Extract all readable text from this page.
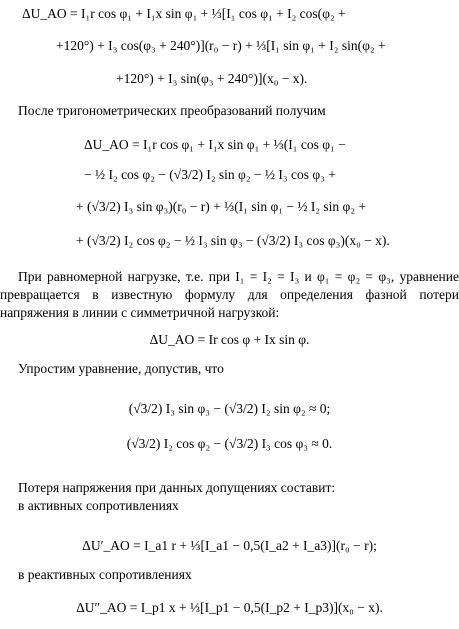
ΔU_AO = I₁r cos φ₁ + I₁x sin φ₁ + ⅓[I₁ cos φ₁ + I₂ cos(φ₂ +
+120°) + I₃ cos(φ₃ + 240°)](r₀ − r) + ⅓[I₁ sin φ₁ + I₂ sin(φ₂ +
+120°) + I₃ sin(φ₃ + 240°)](x₀ − x).
После тригонометрических преобразований получим
ΔU_AO = I₁r cos φ₁ + I₁x sin φ₁ + ⅓(I₁ cos φ₁ −
− ½ I₂ cos φ₂ − (√3/2) I₂ sin φ₂ − ½ I₃ cos φ₃ +
+ (√3/2) I₃ sin φ₃)(r₀ − r) + ⅓(I₁ sin φ₁ − ½ I₂ sin φ₂ +
+ (√3/2) I₂ cos φ₂ − ½ I₃ sin φ₃ − (√3/2) I₃ cos φ₃)(x₀ − x).
При равномерной нагрузке, т.е. при I₁ = I₂ = I₃ и φ₁ = φ₂ = φ₃, уравнение превращается в известную формулу для определения фазной потери напряжения в линии с симметричной нагрузкой:
ΔU_AO = Ir cos φ + Ix sin φ.
Упростим уравнение, допустив, что
(√3/2) I₃ sin φ₃ − (√3/2) I₂ sin φ₂ ≈ 0;
(√3/2) I₂ cos φ₂ − (√3/2) I₃ cos φ₃ ≈ 0.
Потеря напряжения при данных допущениях составит:
в активных сопротивлениях
ΔU′_AO = I_a1 r + ⅓[I_a1 − 0,5(I_a2 + I_a3)](r₀ − r);
в реактивных сопротивлениях
ΔU″_AO = I_p1 x + ⅓[I_p1 − 0,5(I_p2 + I_p3)](x₀ − x).
